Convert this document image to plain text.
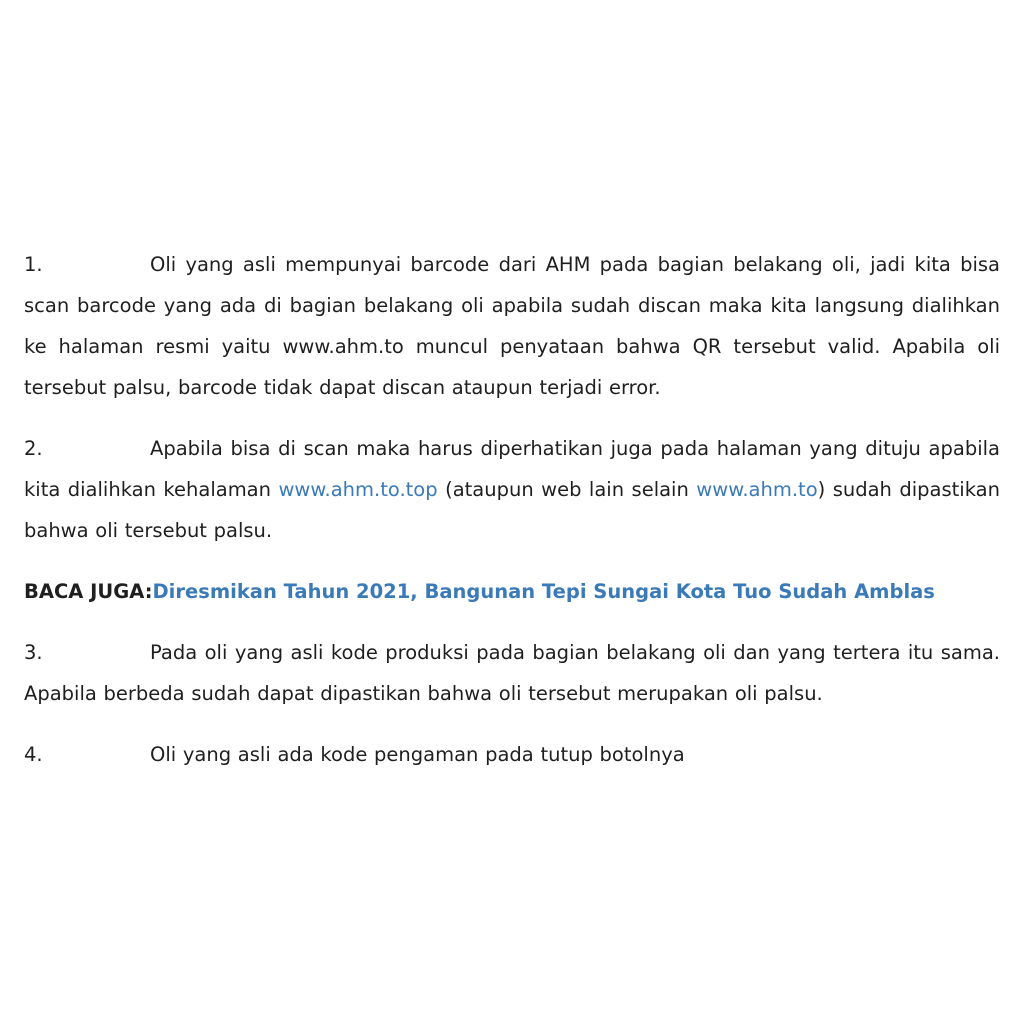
1.	Oli yang asli mempunyai barcode dari AHM pada bagian belakang oli, jadi kita bisa scan barcode yang ada di bagian belakang oli apabila sudah discan maka kita langsung dialihkan ke halaman resmi yaitu www.ahm.to muncul penyataan bahwa QR tersebut valid. Apabila oli tersebut palsu, barcode tidak dapat discan ataupun terjadi error.

2.	Apabila bisa di scan maka harus diperhatikan juga pada halaman yang dituju apabila kita dialihkan kehalaman www.ahm.to.top (ataupun web lain selain www.ahm.to) sudah dipastikan bahwa oli tersebut palsu.

BACA JUGA:Diresmikan Tahun 2021, Bangunan Tepi Sungai Kota Tuo Sudah Amblas

3.	Pada oli yang asli kode produksi pada bagian belakang oli dan yang tertera itu sama. Apabila berbeda sudah dapat dipastikan bahwa oli tersebut merupakan oli palsu.

4.	Oli yang asli ada kode pengaman pada tutup botolnya
